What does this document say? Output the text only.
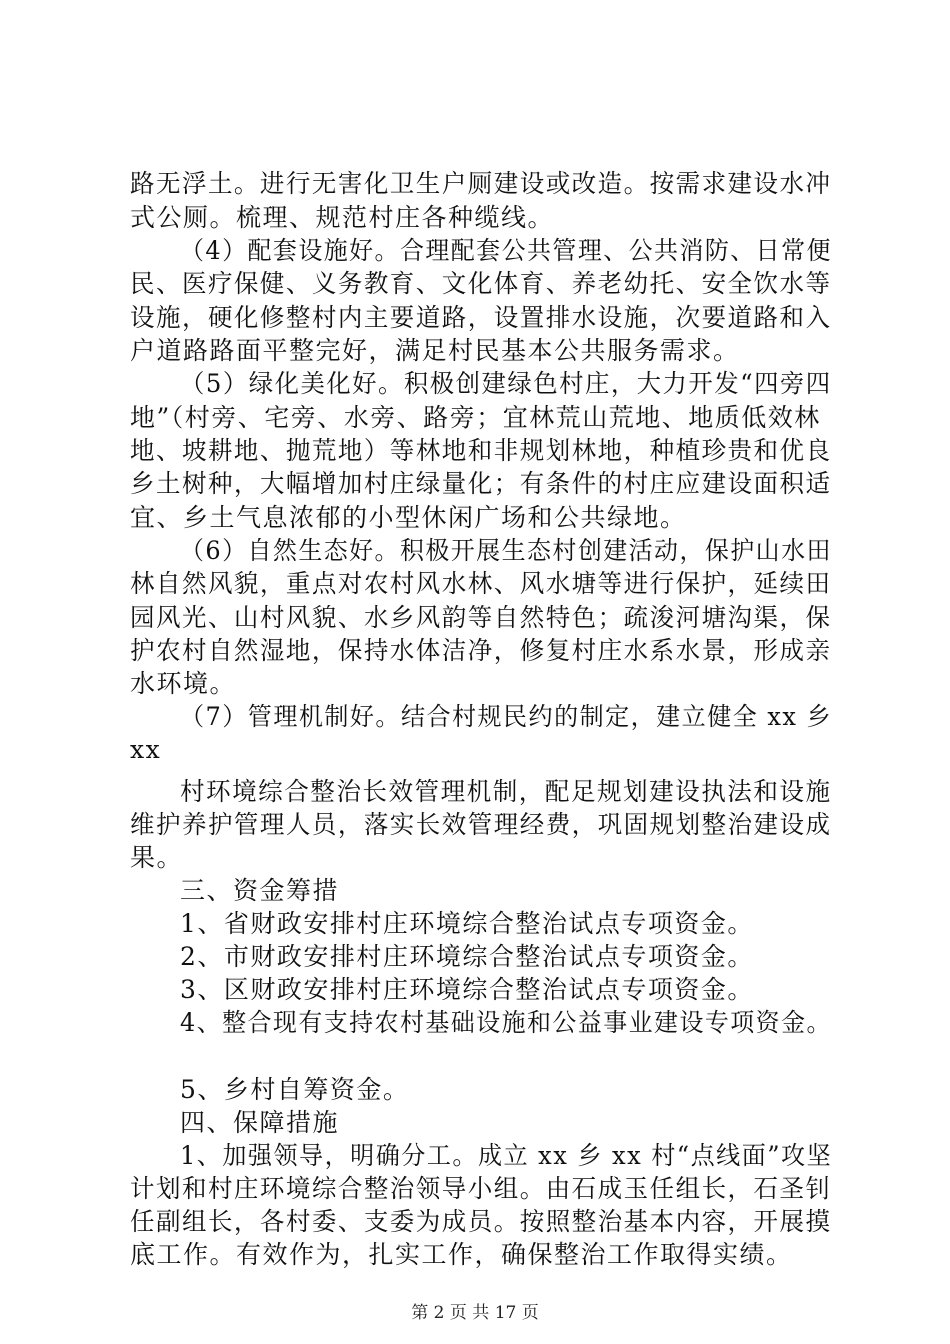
路无浮土。进行无害化卫生户厕建设或改造。按需求建设水冲
式公厕。梳理、规范村庄各种缆线。
（4）配套设施好。合理配套公共管理、公共消防、日常便
民、医疗保健、义务教育、文化体育、养老幼托、安全饮水等
设施，硬化修整村内主要道路，设置排水设施，次要道路和入
户道路路面平整完好，满足村民基本公共服务需求。
（5）绿化美化好。积极创建绿色村庄，大力开发“四旁四
地”（村旁、宅旁、水旁、路旁；宜林荒山荒地、地质低效林
地、坡耕地、抛荒地）等林地和非规划林地，种植珍贵和优良
乡土树种，大幅增加村庄绿量化；有条件的村庄应建设面积适
宜、乡土气息浓郁的小型休闲广场和公共绿地。
（6）自然生态好。积极开展生态村创建活动，保护山水田
林自然风貌，重点对农村风水林、风水塘等进行保护，延续田
园风光、山村风貌、水乡风韵等自然特色；疏浚河塘沟渠，保
护农村自然湿地，保持水体洁净，修复村庄水系水景，形成亲
水环境。
（7）管理机制好。结合村规民约的制定，建立健全 xx 乡
xx
村环境综合整治长效管理机制，配足规划建设执法和设施
维护养护管理人员，落实长效管理经费，巩固规划整治建设成
果。
三、资金筹措
1、省财政安排村庄环境综合整治试点专项资金。
2、市财政安排村庄环境综合整治试点专项资金。
3、区财政安排村庄环境综合整治试点专项资金。
4、整合现有支持农村基础设施和公益事业建设专项资金。
5、乡村自筹资金。
四、保障措施
1、加强领导，明确分工。成立 xx 乡 xx 村“点线面”攻坚
计划和村庄环境综合整治领导小组。由石成玉任组长，石圣钊
任副组长，各村委、支委为成员。按照整治基本内容，开展摸
底工作。有效作为，扎实工作，确保整治工作取得实绩。
第 2 页 共 17 页
